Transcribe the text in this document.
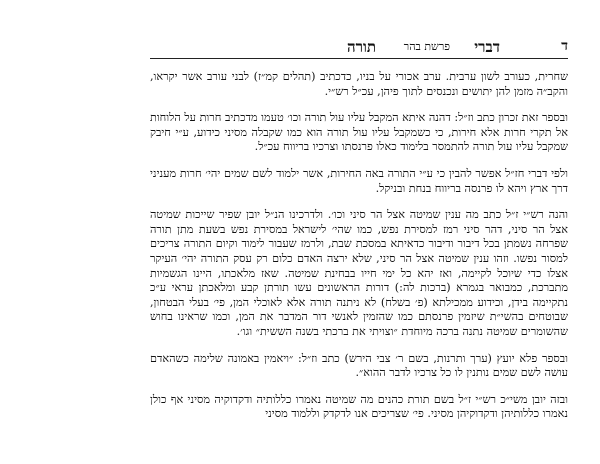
ד
דברי
פרשת בהר
תורה

שחרית, כעורב לשון ערבית. ערב אכורי על בניו, כדכתיב (תהלים קמ״ז) לבני עורב אשר יקראו, והקב״ה מזמן להן יתושים ונכנסים לתוך פיהן, עכ״ל רש״י.

ובספר זאת זכרון כתב וז״ל: דהנה איתא המקבל עליו עול תורה וכו׳ טעמו מדכתיב חרות על הלוחות אל תקרי חרות אלא חירות, כי כשמקבל עליו עול תורה הוא כמו שקבלה מסיני כידוע, ע״י חיבק שמקבל עליו עול תורה להתמסר בלימוד כאלו פרנסתו וצרכיו בריווח עכ״ל.

ולפי דברי חז״ל אפשר להבין כי ע״י התורה באה החירות, אשר ילמוד לשם שמים יהי׳ חרות מעניני דרך ארץ ויהא לו פרנסה בריווח בנחת ובניקל.

והנה רש״י ז״ל כתב מה ענין שמיטה אצל הר סיני וכו׳. ולדרכינו הנ״ל יובן שפיר שייכות שמיטה אצל הר סיני, דהר סיני רמז למסירת נפש, כמו שהי׳ לישראל במסירת נפש בשעת מתן תורה שפרחה נשמתן בכל דיבור ודיבור כדאיתא במסכת שבת, ולרמז שעבור לימוד וקיום התורה צריכים למסור נפשו. וזהו ענין שמיטה אצל הר סיני, שלא ירצה האדם כלום רק עסק התורה יהי׳ העיקר אצלו כדי שיוכל לקיימה, ואז יהא כל ימי חייו בבחינת שמיטה. שאז מלאכתו, היינו הגשמיות מתברכת, כמבואר בגמרא (ברכות לה:) דורות הראשונים עשו תורתן קבע ומלאכתן עראי ע״כ נתקיימה בידן, וכידוע ממכילתא (פ׳ בשלח) לא ניתנה תורה אלא לאוכלי המן, פי׳ בעלי הבטחון, שבוטחים בהשי״ת שיזמין פרנסתם כמו שהזמין לאנשי דור המדבר את המן, וכמו שראינו בחוש שהשומרים שמיטה נתנה ברכה מיוחדת ״וצויתי את ברכתי בשנה הששית״ וגו׳.

ובספר פלא יועץ (ערך ותרנות, בשם ר׳ צבי הירש) כתב וז״ל: ״ויאמין באמונה שלימה כשהאדם עושה לשם שמים נותנין לו כל צרכיו לדבר ההוא״.

ובזה יובן משי״כ רש״י ז״ל בשם תורת כהנים מה שמיטה נאמרו כללותיה ודקדוקיה מסיני אף כולן נאמרו כללותיהן ודקדוקיהן מסיני. פי׳ שצריכים אנו לדקדק וללמוד מסיני
